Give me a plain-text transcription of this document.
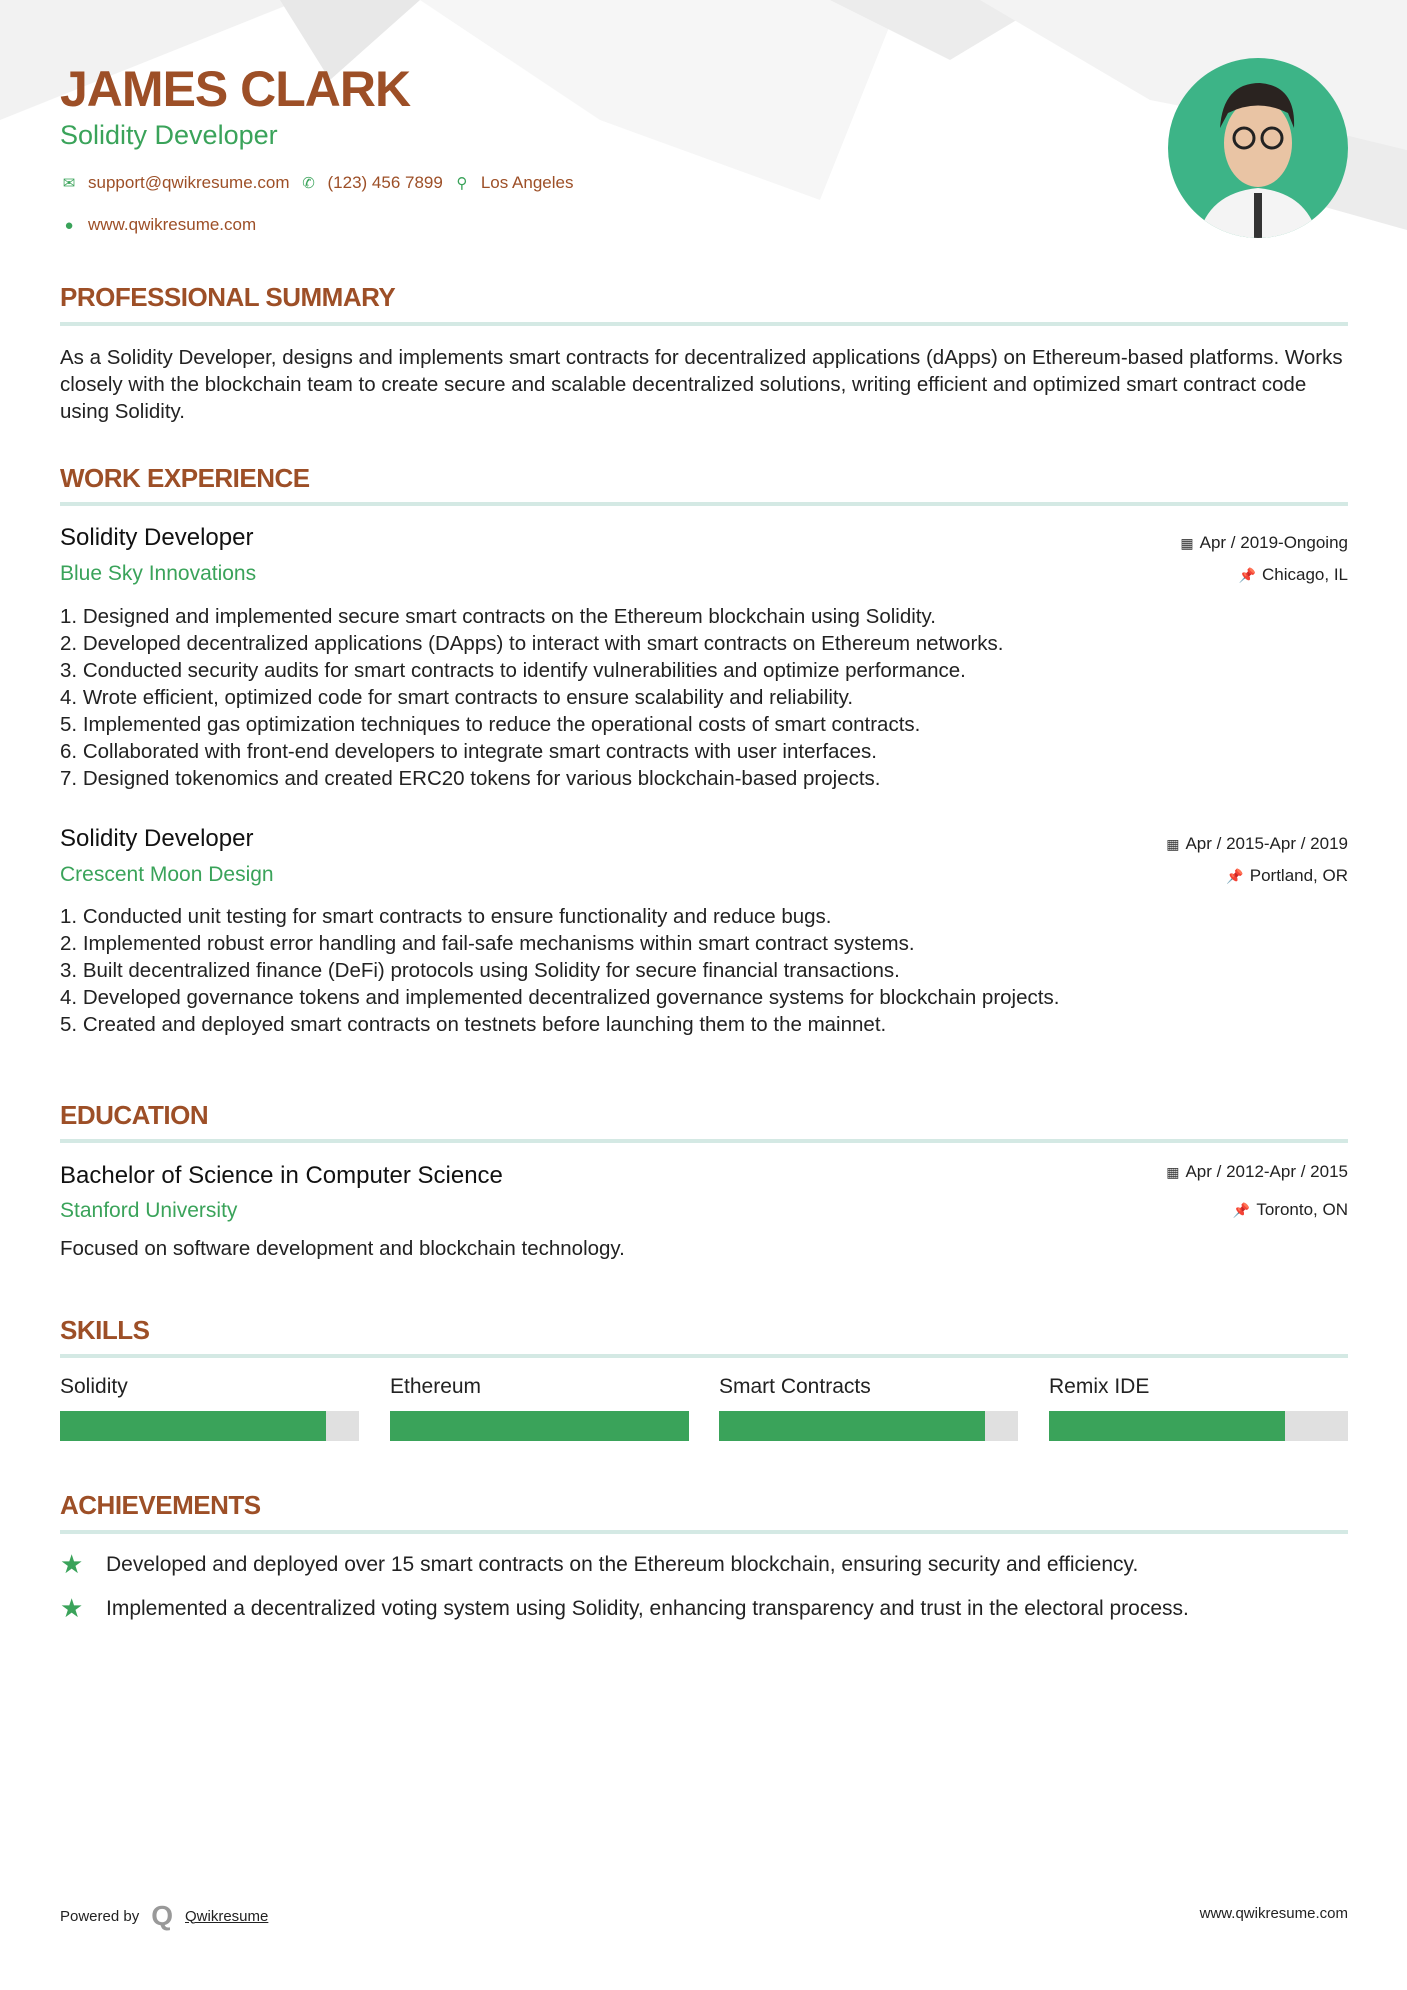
JAMES CLARK
Solidity Developer
✉ support@qwikresume.com ✆ (123) 456 7899 ⚲ Los Angeles
● www.qwikresume.com
PROFESSIONAL SUMMARY
As a Solidity Developer, designs and implements smart contracts for decentralized applications (dApps) on Ethereum-based platforms. Works closely with the blockchain team to create secure and scalable decentralized solutions, writing efficient and optimized smart contract code using Solidity.
WORK EXPERIENCE
Solidity Developer
Blue Sky Innovations
▦ Apr / 2019-Ongoing
📌 Chicago, IL
Designed and implemented secure smart contracts on the Ethereum blockchain using Solidity.
Developed decentralized applications (DApps) to interact with smart contracts on Ethereum networks.
Conducted security audits for smart contracts to identify vulnerabilities and optimize performance.
Wrote efficient, optimized code for smart contracts to ensure scalability and reliability.
Implemented gas optimization techniques to reduce the operational costs of smart contracts.
Collaborated with front-end developers to integrate smart contracts with user interfaces.
Designed tokenomics and created ERC20 tokens for various blockchain-based projects.
Solidity Developer
Crescent Moon Design
▦ Apr / 2015-Apr / 2019
📌 Portland, OR
Conducted unit testing for smart contracts to ensure functionality and reduce bugs.
Implemented robust error handling and fail-safe mechanisms within smart contract systems.
Built decentralized finance (DeFi) protocols using Solidity for secure financial transactions.
Developed governance tokens and implemented decentralized governance systems for blockchain projects.
Created and deployed smart contracts on testnets before launching them to the mainnet.
EDUCATION
Bachelor of Science in Computer Science
Stanford University
▦ Apr / 2012-Apr / 2015
📌 Toronto, ON
Focused on software development and blockchain technology.
SKILLS
Solidity	Ethereum	Smart Contracts	Remix IDE
ACHIEVEMENTS
★	Developed and deployed over 15 smart contracts on the Ethereum blockchain, ensuring security and efficiency.
★	Implemented a decentralized voting system using Solidity, enhancing transparency and trust in the electoral process.
Powered by Q Qwikresume	www.qwikresume.com
